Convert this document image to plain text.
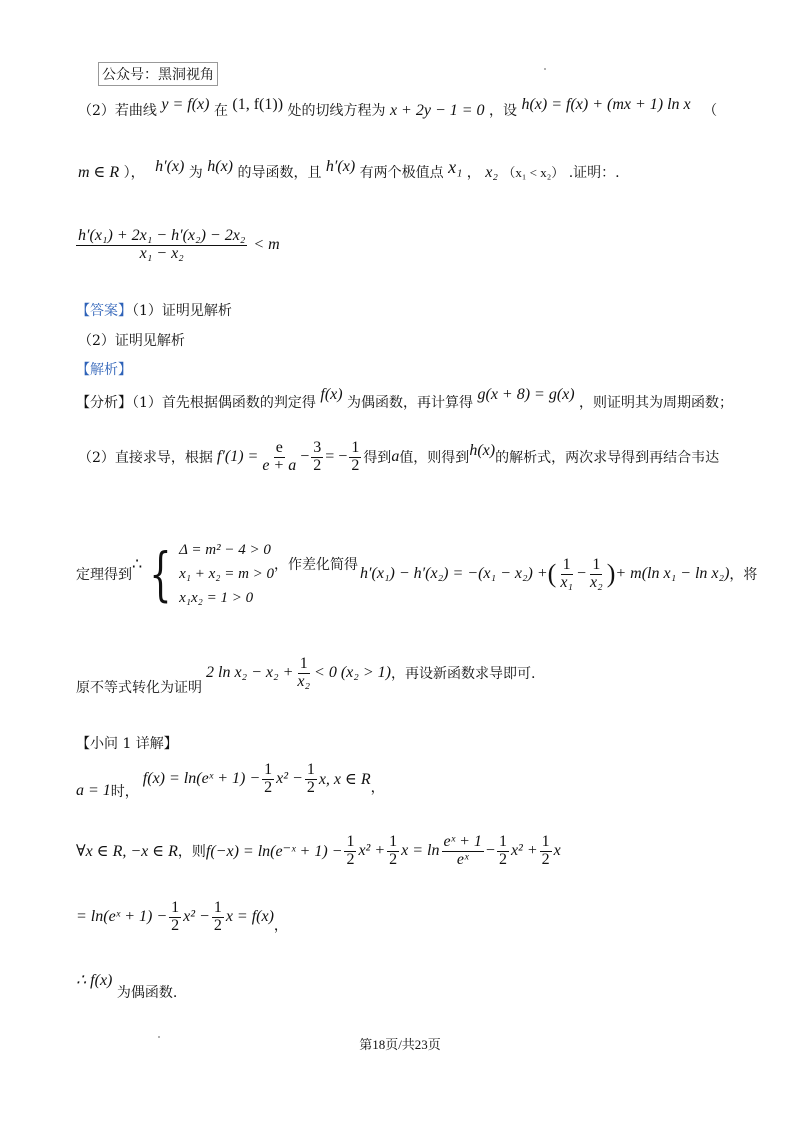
公众号：黑洞视角
（2）若曲线 y = f(x) 在 (1, f(1)) 处的切线方程为 x + 2y − 1 = 0 ，设 h(x) = f(x) + (mx + 1) ln x （
m ∈ R ）， h′(x) 为 h(x) 的导函数，且 h′(x) 有两个极值点 x₁ ， x₂ （x₁ < x₂） .证明：.
$\frac{\text{h′(x₁) + 2x₁ − h′(x₂) − 2x₂}}{\text{x₁ − x₂}} < m$
【答案】（1）证明见解析
（2）证明见解析
【解析】
【分析】（1）首先根据偶函数的判定得 f(x) 为偶函数，再计算得 g(x + 8) = g(x) ，则证明其为周期函数；
（2）直接求导，根据 $f'(1) = \frac{e}{e + a} - \frac{3}{2}$ = − $\frac{1}{2}$ 得到 a 值，则得到 h(x) 的解析式，两次求导得到再结合韦达
定理得到
∴ { Δ = m² − 4 > 0
x₁ + x₂ = m > 0
x₁x₂ = 1 > 0
，作差化简得 h′(x₁) − h′(x₂) = −(x₁ − x₂) + ( $\frac{1}{\text{x₁}} - \frac{1}{\text{x₂}}$ ) + m(ln x₁ − ln x₂) ，将
原不等式转化为证明
2 $\ln x_2 - x_2 + \frac{1}{\text{x₂}} < 0$ (x₂ > 1) ，再设新函数求导即可.
【小问 1 详解】
a = 1 时，
f(x) = ln(eˣ + $1) - \frac{1}{2} x^2 - \frac{1}{2} x$, x ∈ R ，
∀x ∈ R, −x ∈ R ，则 f(−x) = ln(e⁻ˣ + $1) - \frac{1}{2} x^2 + \frac{1}{2}$ $x = \ln \frac{\text{eˣ + 1}}{\text{eˣ}} - \frac{1}{2} x^2 + \frac{1}{2}$ x
= ln(eˣ + $1) - \frac{1}{2} x^2 - \frac{1}{2}$ x = f(x)
，
∴ f(x) 为偶函数.
第18页/共23页
